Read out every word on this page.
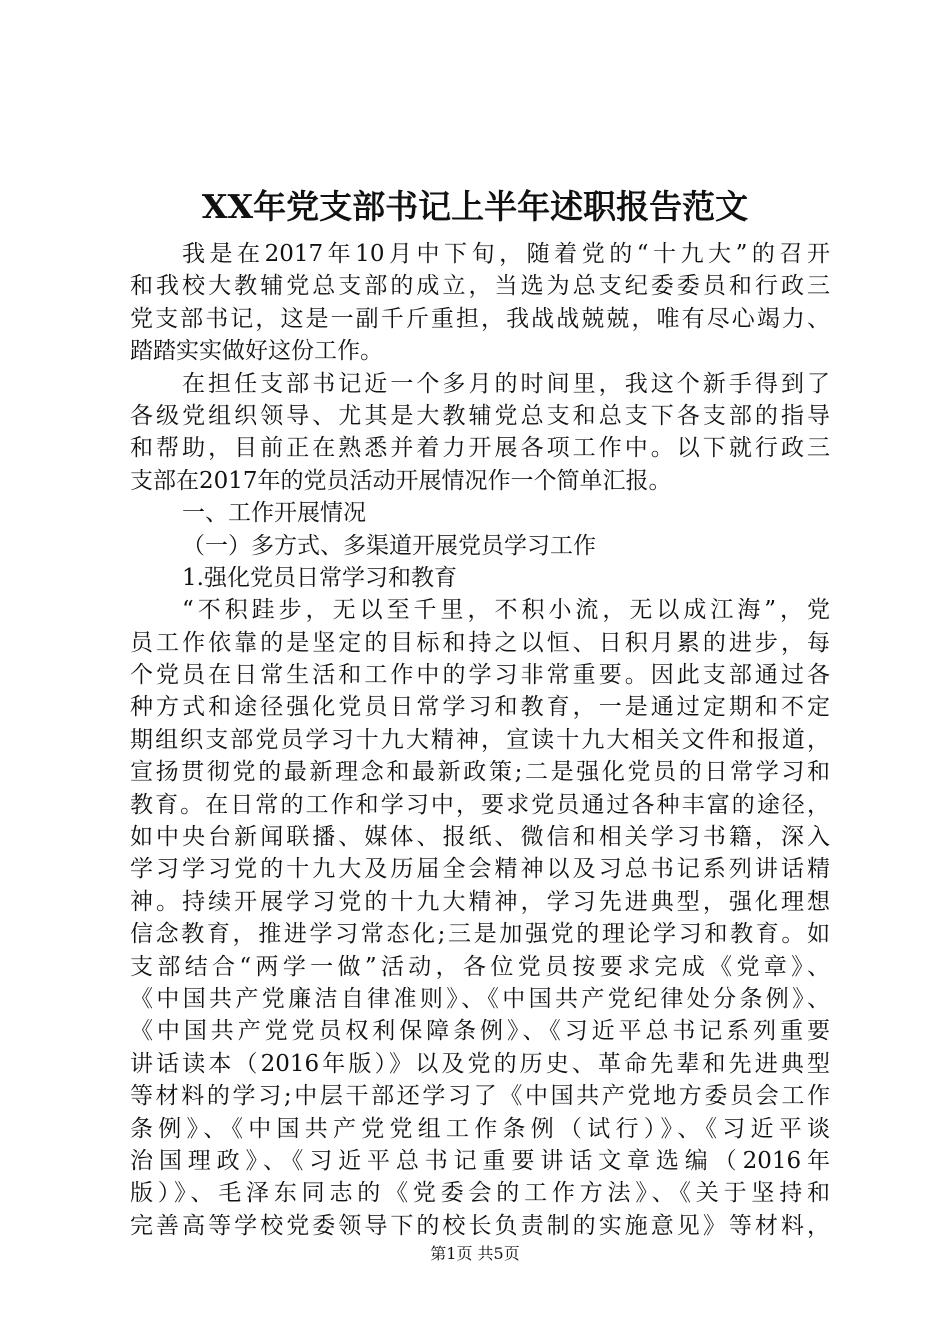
XX年党支部书记上半年述职报告范文
我是在2017年10月中下旬，随着党的“十九大”的召开
和我校大教辅党总支部的成立，当选为总支纪委委员和行政三
党支部书记，这是一副千斤重担，我战战兢兢，唯有尽心竭力、
踏踏实实做好这份工作。
在担任支部书记近一个多月的时间里，我这个新手得到了
各级党组织领导、尤其是大教辅党总支和总支下各支部的指导
和帮助，目前正在熟悉并着力开展各项工作中。以下就行政三
支部在2017年的党员活动开展情况作一个简单汇报。
一、工作开展情况
（一）多方式、多渠道开展党员学习工作
1.强化党员日常学习和教育
“不积跬步，无以至千里，不积小流，无以成江海”，党
员工作依靠的是坚定的目标和持之以恒、日积月累的进步，每
个党员在日常生活和工作中的学习非常重要。因此支部通过各
种方式和途径强化党员日常学习和教育，一是通过定期和不定
期组织支部党员学习十九大精神，宣读十九大相关文件和报道，
宣扬贯彻党的最新理念和最新政策;二是强化党员的日常学习和
教育。在日常的工作和学习中，要求党员通过各种丰富的途径，
如中央台新闻联播、媒体、报纸、微信和相关学习书籍，深入
学习学习党的十九大及历届全会精神以及习总书记系列讲话精
神。持续开展学习党的十九大精神，学习先进典型，强化理想
信念教育，推进学习常态化;三是加强党的理论学习和教育。如
支部结合“两学一做”活动，各位党员按要求完成《党章》、
《中国共产党廉洁自律准则》、《中国共产党纪律处分条例》、
《中国共产党党员权利保障条例》、《习近平总书记系列重要
讲话读本（2016年版）》以及党的历史、革命先辈和先进典型
等材料的学习;中层干部还学习了《中国共产党地方委员会工作
条例》、《中国共产党党组工作条例（试行）》、《习近平谈
治国理政》、《习近平总书记重要讲话文章选编（2016年
版）》、毛泽东同志的《党委会的工作方法》、《关于坚持和
完善高等学校党委领导下的校长负责制的实施意见》等材料，
第1页 共5页
